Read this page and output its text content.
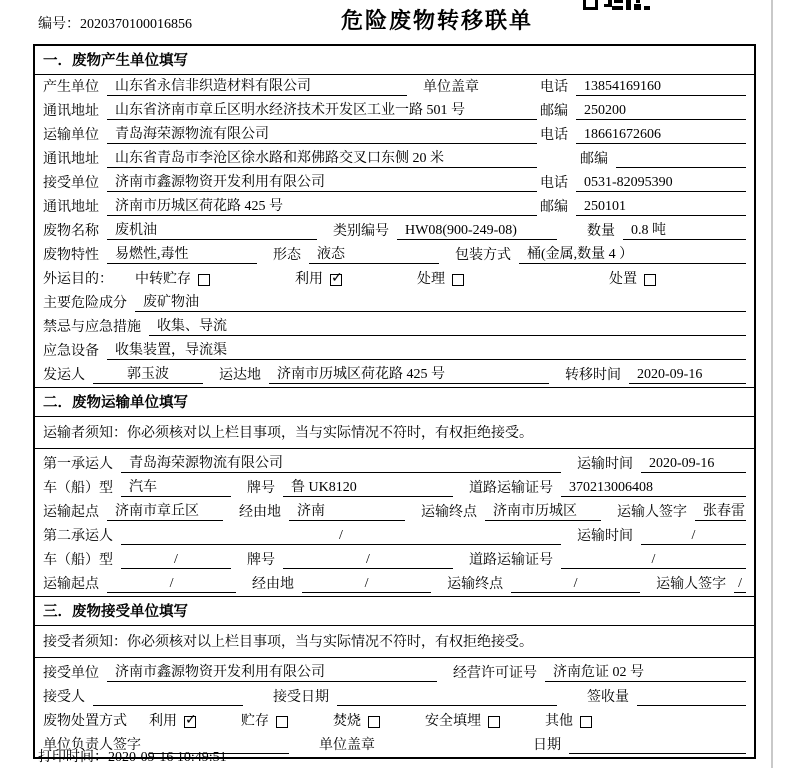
编号：2020370100016856	危险废物转移联单
一．废物产生单位填写
产生单位	山东省永信非织造材料有限公司	单位盖章	电话	13854169160
通讯地址	山东省济南市章丘区明水经济技术开发区工业一路 501 号	邮编	250200
运输单位	青岛海荣源物流有限公司	电话	18661672606
通讯地址	山东省青岛市李沧区徐水路和郑佛路交叉口东侧 20 米	邮编
接受单位	济南市鑫源物资开发利用有限公司	电话	0531-82095390
通讯地址	济南市历城区荷花路 425 号	邮编	250101
废物名称	废机油	类别编号	HW08(900-249-08)	数量	0.8 吨
废物特性	易燃性,毒性	形态	液态	包装方式	桶(金属,数量 4 ）
外运目的： 中转贮存	利用 ✓	处理	处置
主要危险成分	废矿物油
禁忌与应急措施	收集、导流
应急设备	收集装置，导流渠
发运人	郭玉波	运达地	济南市历城区荷花路 425 号	转移时间	2020-09-16
二．废物运输单位填写
运输者须知：你必须核对以上栏目事项，当与实际情况不符时，有权拒绝接受。
第一承运人	青岛海荣源物流有限公司	运输时间	2020-09-16
车（船）型	汽车	牌号	鲁 UK8120	道路运输证号	370213006408
运输起点	济南市章丘区	经由地	济南	运输终点	济南市历城区	运输人签字	张春雷
第二承运人	/	运输时间	/
车（船）型	/	牌号	/	道路运输证号	/
运输起点	/	经由地	/	运输终点	/	运输人签字 /
三．废物接受单位填写
接受者须知：你必须核对以上栏目事项，当与实际情况不符时，有权拒绝接受。
接受单位	济南市鑫源物资开发利用有限公司	经营许可证号	济南危证 02 号
接受人	接受日期	签收量
废物处置方式 利用 ✓	贮存	焚烧	安全填埋	其他
单位负责人签字	单位盖章	日期
打印时间：2020-09-16 10:49:51
